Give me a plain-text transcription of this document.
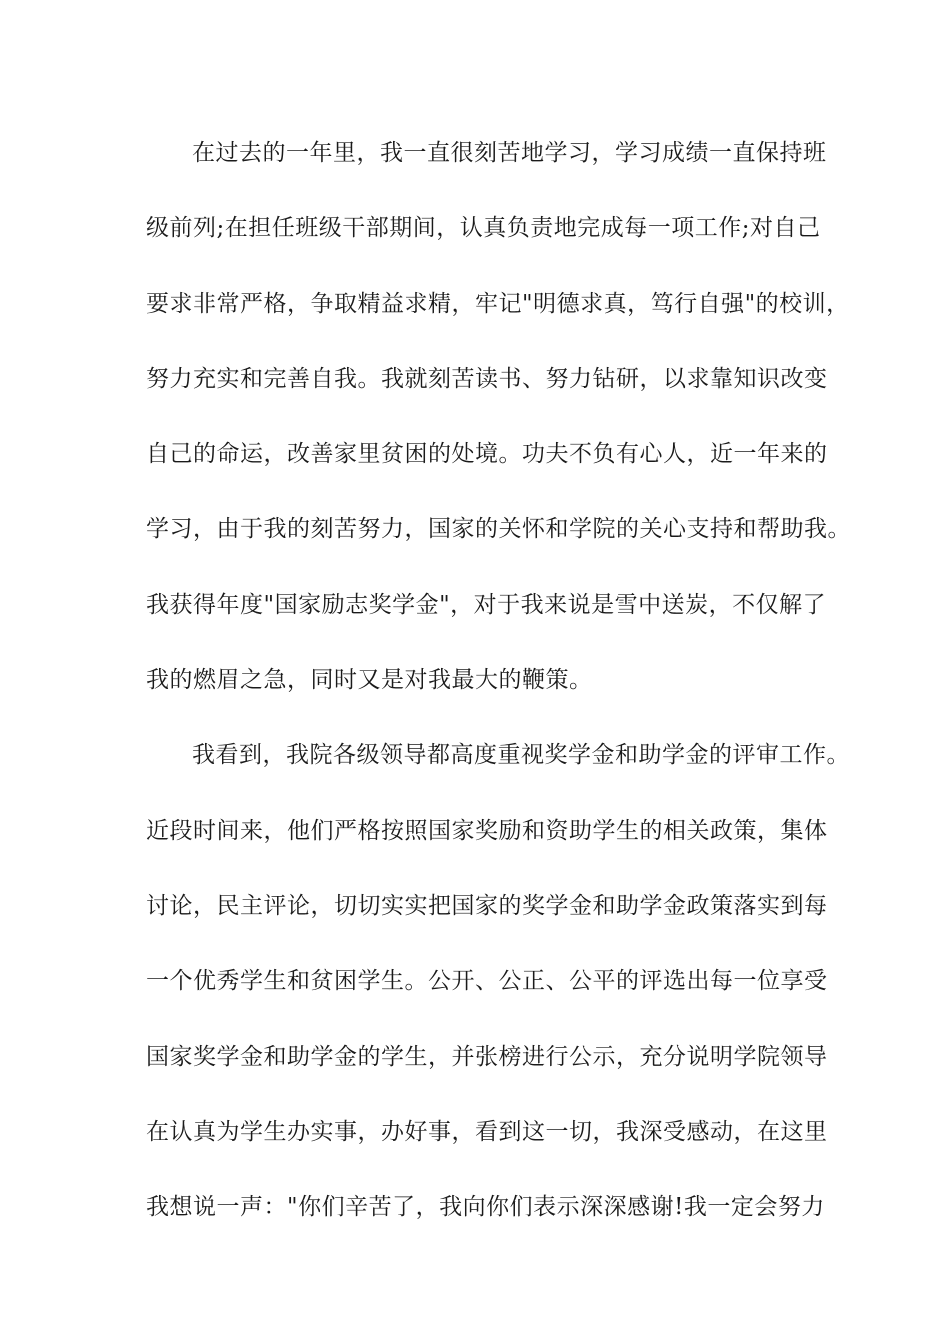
在过去的一年里，我一直很刻苦地学习，学习成绩一直保持班
级前列;在担任班级干部期间，认真负责地完成每一项工作;对自己
要求非常严格，争取精益求精，牢记"明德求真，笃行自强"的校训，
努力充实和完善自我。我就刻苦读书、努力钻研，以求靠知识改变
自己的命运，改善家里贫困的处境。功夫不负有心人，近一年来的
学习，由于我的刻苦努力，国家的关怀和学院的关心支持和帮助我。
我获得年度"国家励志奖学金"，对于我来说是雪中送炭，不仅解了
我的燃眉之急，同时又是对我最大的鞭策。
我看到，我院各级领导都高度重视奖学金和助学金的评审工作。
近段时间来，他们严格按照国家奖励和资助学生的相关政策，集体
讨论，民主评论，切切实实把国家的奖学金和助学金政策落实到每
一个优秀学生和贫困学生。公开、公正、公平的评选出每一位享受
国家奖学金和助学金的学生，并张榜进行公示，充分说明学院领导
在认真为学生办实事，办好事，看到这一切，我深受感动，在这里
我想说一声："你们辛苦了，我向你们表示深深感谢!我一定会努力
